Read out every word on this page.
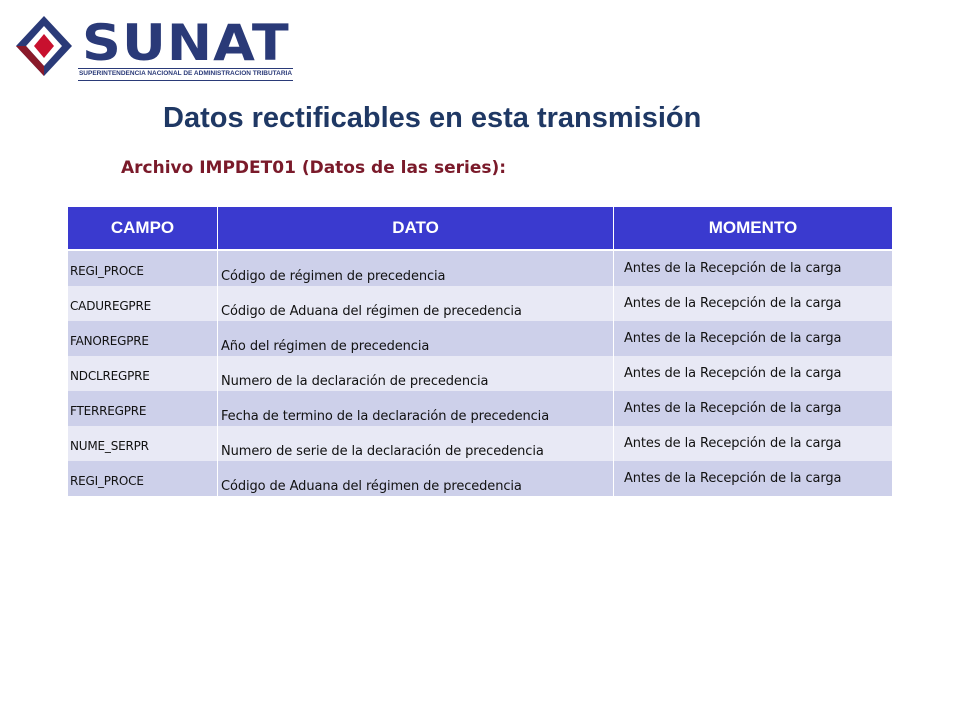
SUNAT
SUPERINTENDENCIA NACIONAL DE ADMINISTRACION TRIBUTARIA
Datos rectificables en esta transmisión
Archivo IMPDET01 (Datos de las series):
CAMPO	DATO	MOMENTO
REGI_PROCE	Código de régimen de precedencia	Antes de la Recepción de la carga
CADUREGPRE	Código de Aduana del régimen de precedencia	Antes de la Recepción de la carga
FANOREGPRE	Año del régimen de precedencia	Antes de la Recepción de la carga
NDCLREGPRE	Numero de la declaración de precedencia	Antes de la Recepción de la carga
FTERREGPRE	Fecha de termino de la declaración de precedencia	Antes de la Recepción de la carga
NUME_SERPR	Numero de serie de la declaración de precedencia	Antes de la Recepción de la carga
REGI_PROCE	Código de Aduana del régimen de precedencia	Antes de la Recepción de la carga
